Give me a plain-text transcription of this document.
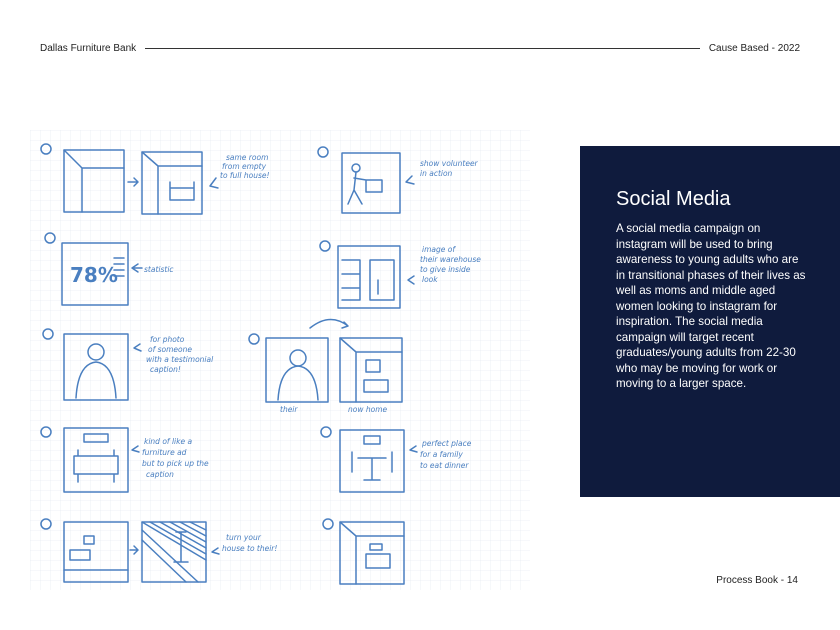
Dallas Furniture Bank	Cause Based - 2022
same room from empty to full house!
78%	statistic
for photo of someone with a testimonial caption!
their	now home
kind of like a furniture ad but to pick up the caption
turn your house to their!
show volunteer in action
image of their warehouse to give inside look
perfect place for a family to eat dinner
Social Media

A social media campaign on instagram will be used to bring awareness to young adults who are in transitional phases of their lives as well as moms and middle aged women looking to instagram for inspiration. The social media campaign will target recent graduates/young adults from 22-30 who may be moving for work or moving to a larger space.

Process Book - 14
